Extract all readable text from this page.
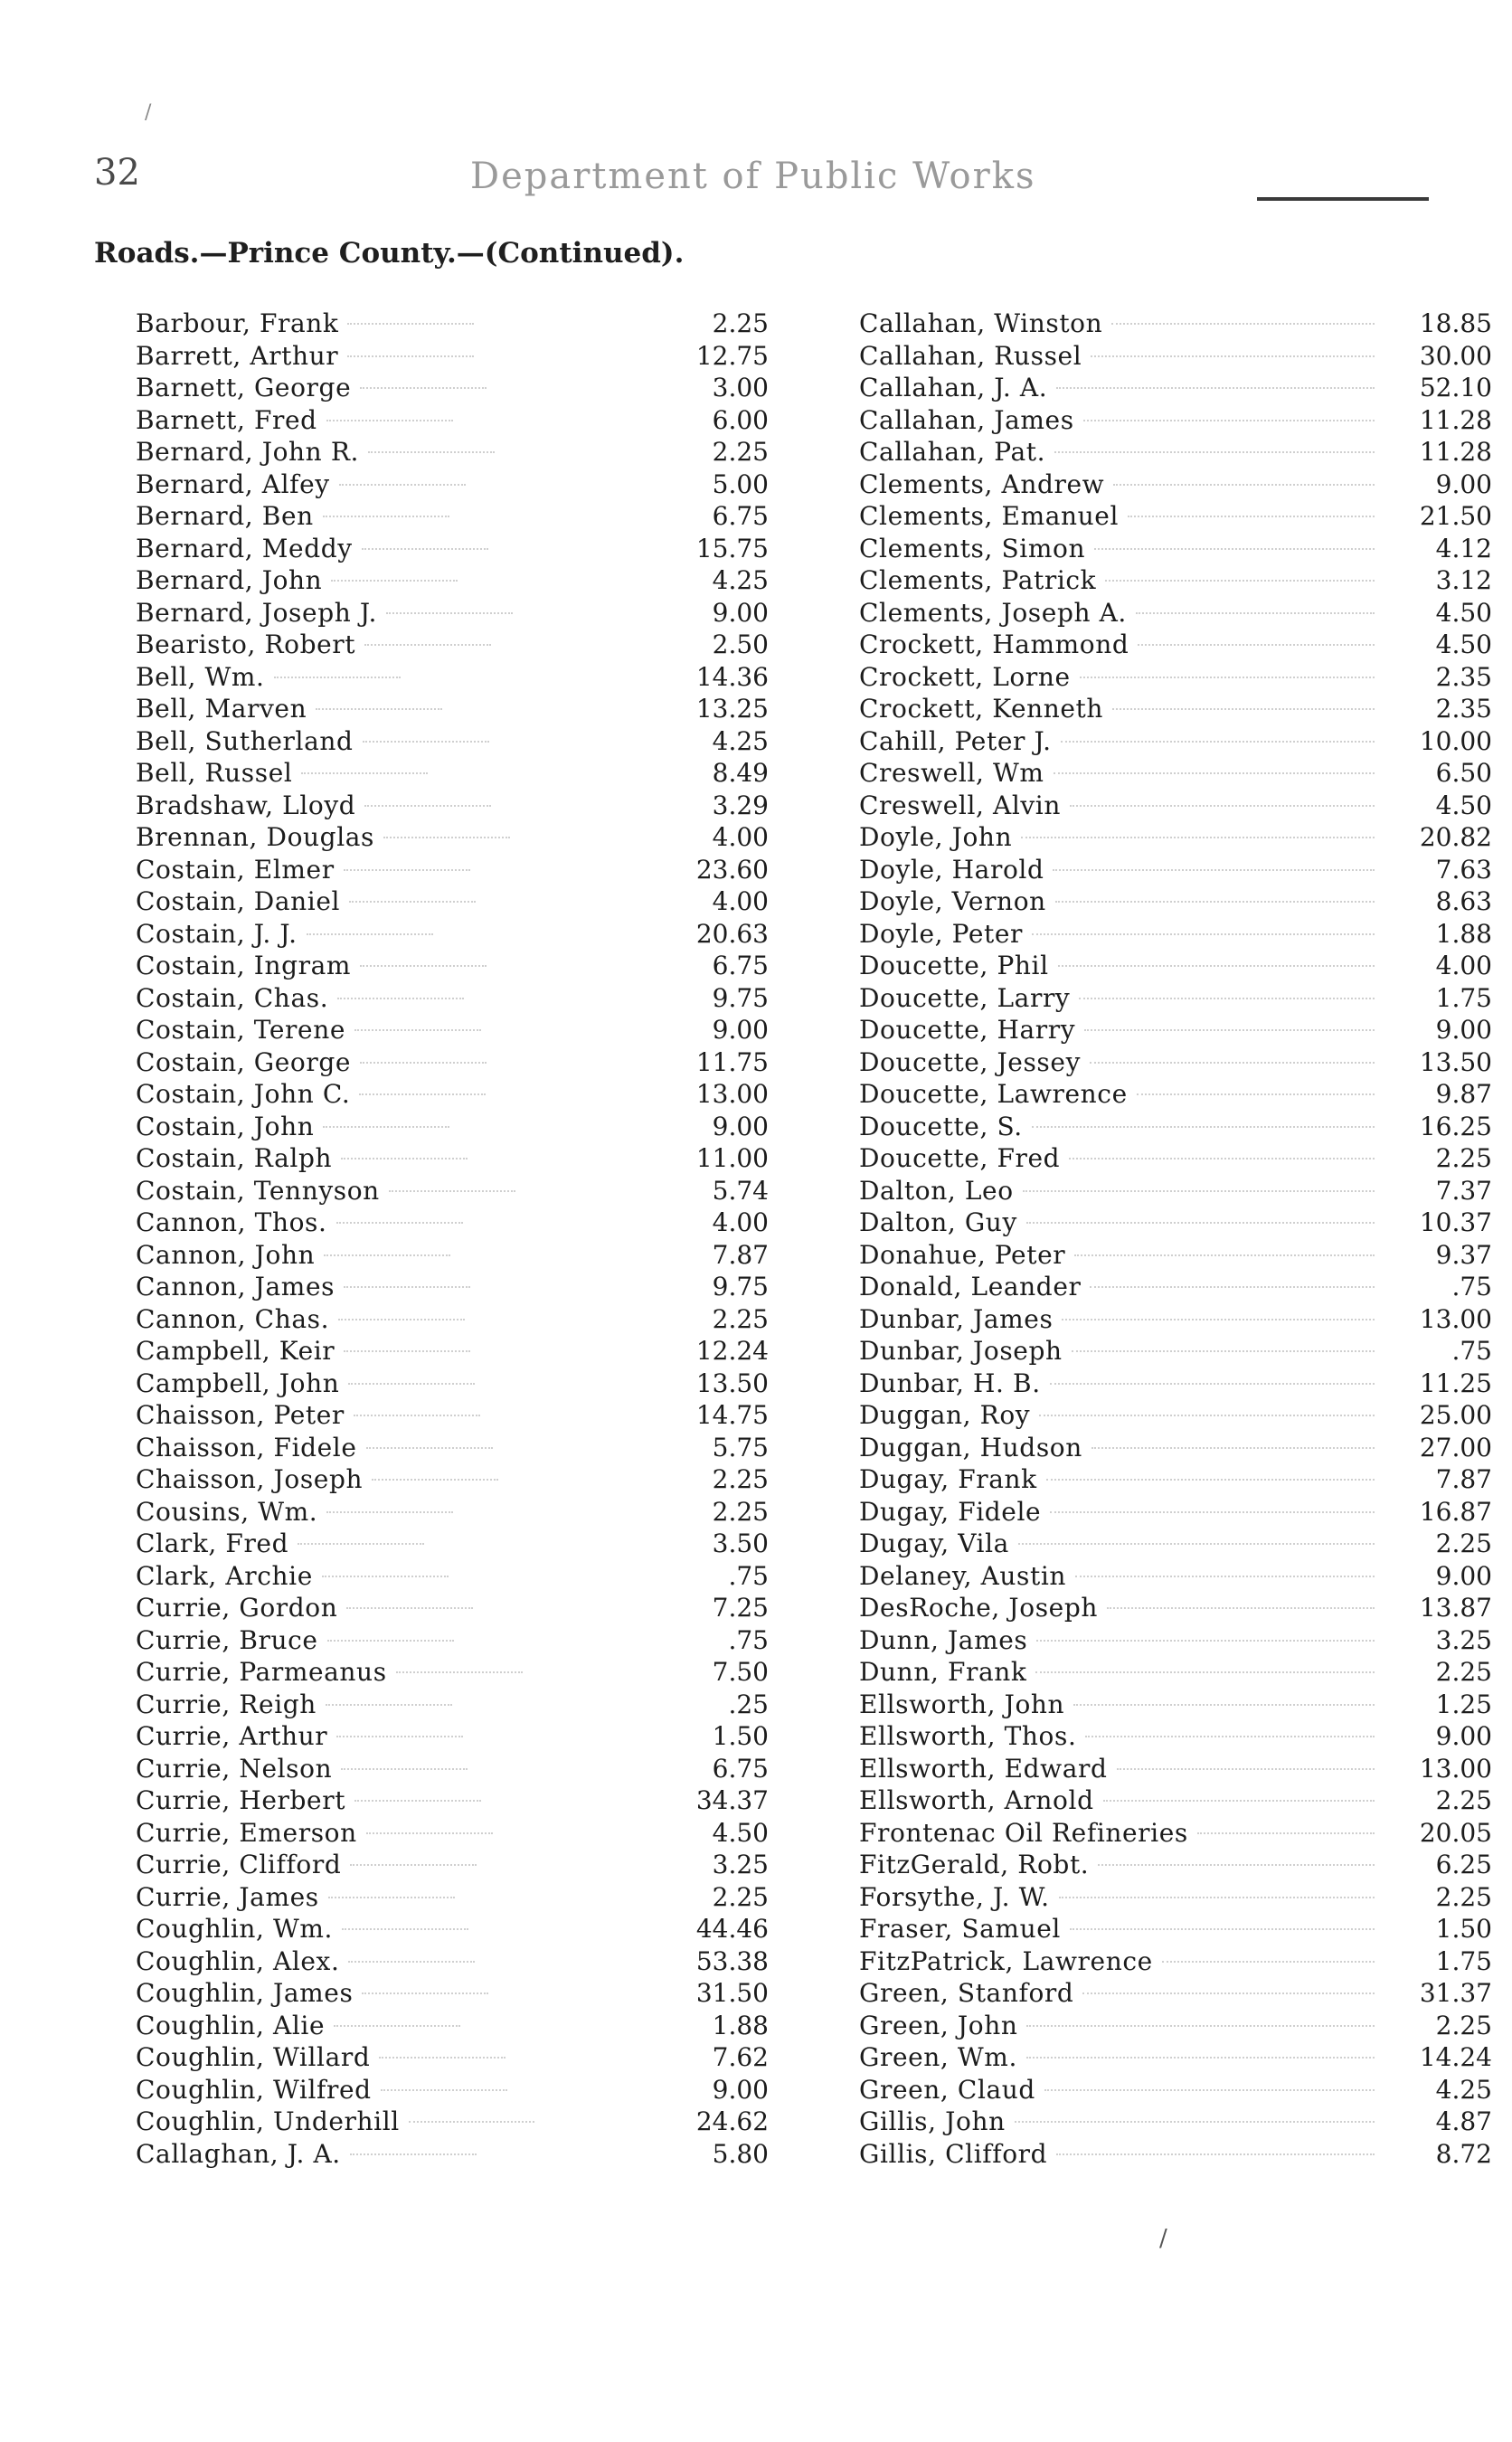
/
32	Department of Public Works
Roads.—Prince County.—(Continued).
Barbour, Frank	2.25
Barrett, Arthur	12.75
Barnett, George	3.00
Barnett, Fred	6.00
Bernard, John R.	2.25
Bernard, Alfey	5.00
Bernard, Ben	6.75
Bernard, Meddy	15.75
Bernard, John	4.25
Bernard, Joseph J.	9.00
Bearisto, Robert	2.50
Bell, Wm.	14.36
Bell, Marven	13.25
Bell, Sutherland	4.25
Bell, Russel	8.49
Bradshaw, Lloyd	3.29
Brennan, Douglas	4.00
Costain, Elmer	23.60
Costain, Daniel	4.00
Costain, J. J.	20.63
Costain, Ingram	6.75
Costain, Chas.	9.75
Costain, Terene	9.00
Costain, George	11.75
Costain, John C.	13.00
Costain, John	9.00
Costain, Ralph	11.00
Costain, Tennyson	5.74
Cannon, Thos.	4.00
Cannon, John	7.87
Cannon, James	9.75
Cannon, Chas.	2.25
Campbell, Keir	12.24
Campbell, John	13.50
Chaisson, Peter	14.75
Chaisson, Fidele	5.75
Chaisson, Joseph	2.25
Cousins, Wm.	2.25
Clark, Fred	3.50
Clark, Archie	.75
Currie, Gordon	7.25
Currie, Bruce	.75
Currie, Parmeanus	7.50
Currie, Reigh	.25
Currie, Arthur	1.50
Currie, Nelson	6.75
Currie, Herbert	34.37
Currie, Emerson	4.50
Currie, Clifford	3.25
Currie, James	2.25
Coughlin, Wm.	44.46
Coughlin, Alex.	53.38
Coughlin, James	31.50
Coughlin, Alie	1.88
Coughlin, Willard	7.62
Coughlin, Wilfred	9.00
Coughlin, Underhill	24.62
Callaghan, J. A.	5.80
Callahan, Winston	18.85
Callahan, Russel	30.00
Callahan, J. A.	52.10
Callahan, James	11.28
Callahan, Pat.	11.28
Clements, Andrew	9.00
Clements, Emanuel	21.50
Clements, Simon	4.12
Clements, Patrick	3.12
Clements, Joseph A.	4.50
Crockett, Hammond	4.50
Crockett, Lorne	2.35
Crockett, Kenneth	2.35
Cahill, Peter J.	10.00
Creswell, Wm	6.50
Creswell, Alvin	4.50
Doyle, John	20.82
Doyle, Harold	7.63
Doyle, Vernon	8.63
Doyle, Peter	1.88
Doucette, Phil	4.00
Doucette, Larry	1.75
Doucette, Harry	9.00
Doucette, Jessey	13.50
Doucette, Lawrence	9.87
Doucette, S.	16.25
Doucette, Fred	2.25
Dalton, Leo	7.37
Dalton, Guy	10.37
Donahue, Peter	9.37
Donald, Leander	.75
Dunbar, James	13.00
Dunbar, Joseph	.75
Dunbar, H. B.	11.25
Duggan, Roy	25.00
Duggan, Hudson	27.00
Dugay, Frank	7.87
Dugay, Fidele	16.87
Dugay, Vila	2.25
Delaney, Austin	9.00
DesRoche, Joseph	13.87
Dunn, James	3.25
Dunn, Frank	2.25
Ellsworth, John	1.25
Ellsworth, Thos.	9.00
Ellsworth, Edward	13.00
Ellsworth, Arnold	2.25
Frontenac Oil Refineries	20.05
FitzGerald, Robt.	6.25
Forsythe, J. W.	2.25
Fraser, Samuel	1.50
FitzPatrick, Lawrence	1.75
Green, Stanford	31.37
Green, John	2.25
Green, Wm.	14.24
Green, Claud	4.25
Gillis, John	4.87
Gillis, Clifford	8.72
/
